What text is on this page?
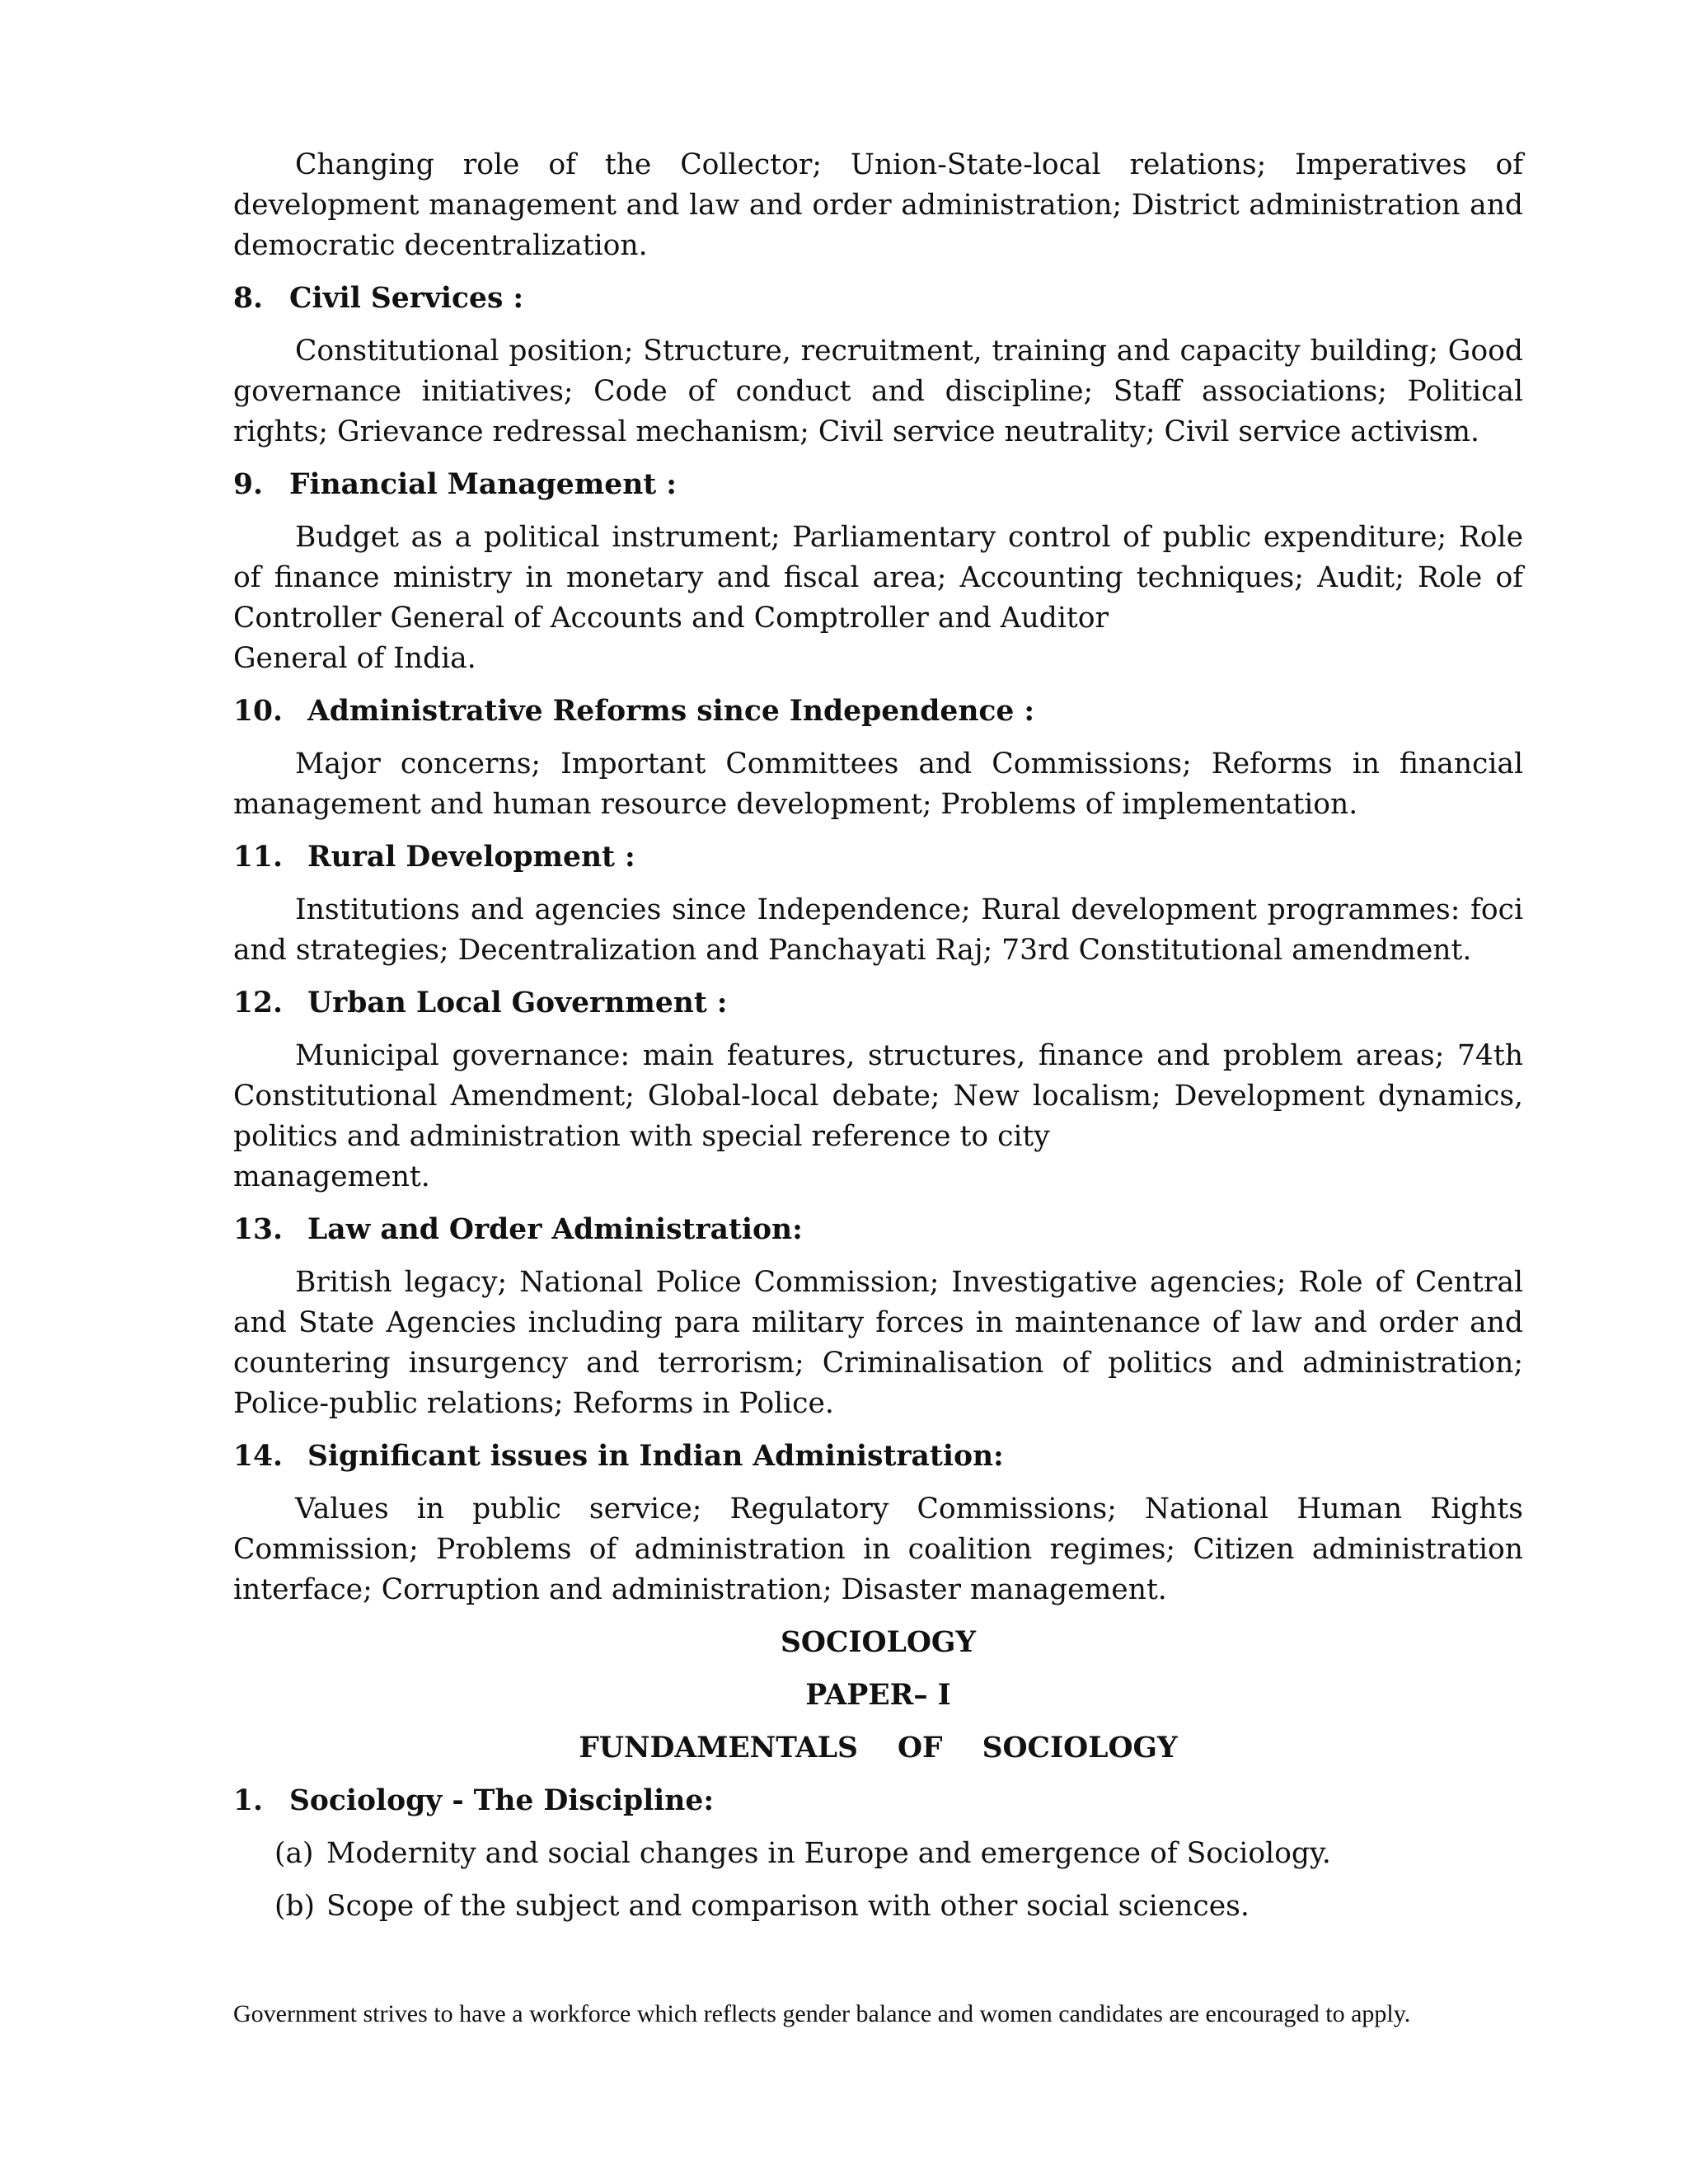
Changing role of the Collector; Union-State-local relations; Imperatives of development management and law and order administration; District administration and democratic decentralization.

8. Civil Services :

Constitutional position; Structure, recruitment, training and capacity building; Good governance initiatives; Code of conduct and discipline; Staff associations; Political rights; Grievance redressal mechanism; Civil service neutrality; Civil service activism.

9. Financial Management :

Budget as a political instrument; Parliamentary control of public expenditure; Role of finance ministry in monetary and fiscal area; Accounting techniques; Audit; Role of Controller General of Accounts and Comptroller and Auditor

General of India.

10. Administrative Reforms since Independence :

Major concerns; Important Committees and Commissions; Reforms in financial management and human resource development; Problems of implementation.

11. Rural Development :

Institutions and agencies since Independence; Rural development programmes: foci and strategies; Decentralization and Panchayati Raj; 73rd Constitutional amendment.

12. Urban Local Government :

Municipal governance: main features, structures, finance and problem areas; 74th Constitutional Amendment; Global-local debate; New localism; Development dynamics, politics and administration with special reference to city

management.

13. Law and Order Administration:

British legacy; National Police Commission; Investigative agencies; Role of Central and State Agencies including para military forces in maintenance of law and order and countering insurgency and terrorism; Criminalisation of politics and administration; Police-public relations; Reforms in Police.

14. Significant issues in Indian Administration:

Values in public service; Regulatory Commissions; National Human Rights Commission; Problems of administration in coalition regimes; Citizen administration interface; Corruption and administration; Disaster management.

SOCIOLOGY
PAPER– I
FUNDAMENTALS    OF    SOCIOLOGY
1. Sociology - The Discipline:
(a) Modernity and social changes in Europe and emergence of Sociology.
(b) Scope of the subject and comparison with other social sciences.
Government strives to have a workforce which reflects gender balance and women candidates are encouraged to apply.
